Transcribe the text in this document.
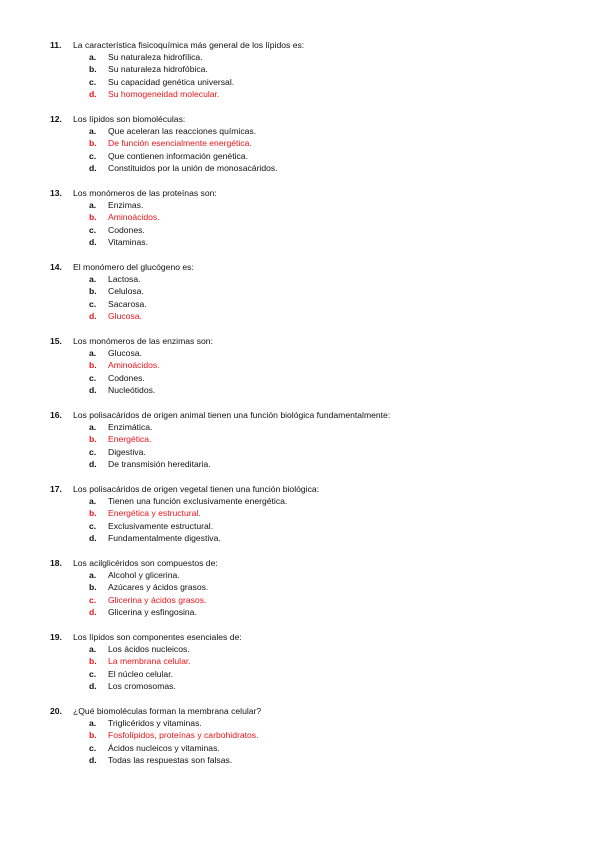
11. La característica fisicoquímica más general de los lípidos es:
a. Su naturaleza hidrofílica.
b. Su naturaleza hidrofóbica.
c. Su capacidad genética universal.
d. Su homogeneidad molecular.
12. Los lípidos son biomoléculas:
a. Que aceleran las reacciones químicas.
b. De función esencialmente energética.
c. Que contienen información genética.
d. Constituidos por la unión de monosacáridos.
13. Los monómeros de las proteínas son:
a. Enzimas.
b. Aminoácidos.
c. Codones.
d. Vitaminas.
14. El monómero del glucógeno es:
a. Lactosa.
b. Celulosa.
c. Sacarosa.
d. Glucosa.
15. Los monómeros de las enzimas son:
a. Glucosa.
b. Aminoácidos.
c. Codones.
d. Nucleótidos.
16. Los polisacáridos de origen animal tienen una función biológica fundamentalmente:
a. Enzimática.
b. Energética.
c. Digestiva.
d. De transmisión hereditaria.
17. Los polisacáridos de origen vegetal tienen una función biológica:
a. Tienen una función exclusivamente energética.
b. Energética y estructural.
c. Exclusivamente estructural.
d. Fundamentalmente digestiva.
18. Los acilglicéridos son compuestos de:
a. Alcohol y glicerina.
b. Azúcares y ácidos grasos.
c. Glicerina y ácidos grasos.
d. Glicerina y esfingosina.
19. Los lípidos son componentes esenciales de:
a. Los ácidos nucleicos.
b. La membrana celular.
c. El núcleo celular.
d. Los cromosomas.
20. ¿Qué biomoléculas forman la membrana celular?
a. Triglicéridos y vitaminas.
b. Fosfolípidos, proteínas y carbohidratos.
c. Ácidos nucleicos y vitaminas.
d. Todas las respuestas son falsas.
